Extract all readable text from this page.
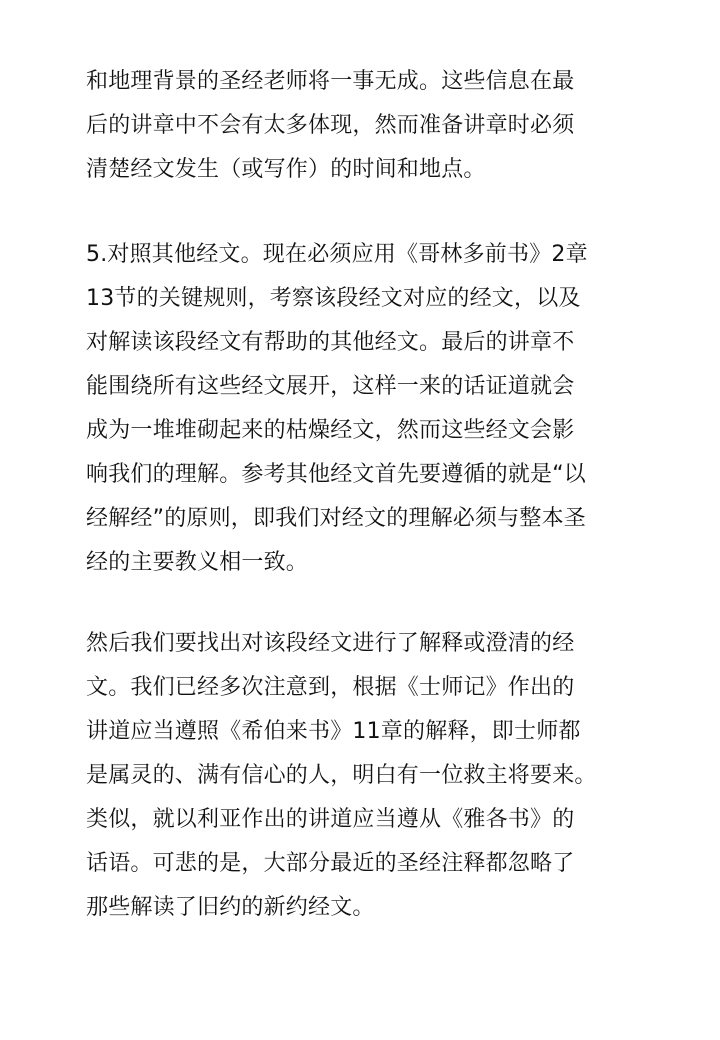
和地理背景的圣经老师将一事无成。这些信息在最
后的讲章中不会有太多体现，然而准备讲章时必须
清楚经文发生（或写作）的时间和地点。
5.对照其他经文。现在必须应用《哥林多前书》2章
13节的关键规则，考察该段经文对应的经文，以及
对解读该段经文有帮助的其他经文。最后的讲章不
能围绕所有这些经文展开，这样一来的话证道就会
成为一堆堆砌起来的枯燥经文，然而这些经文会影
响我们的理解。参考其他经文首先要遵循的就是“以
经解经”的原则，即我们对经文的理解必须与整本圣
经的主要教义相一致。
然后我们要找出对该段经文进行了解释或澄清的经
文。我们已经多次注意到，根据《士师记》作出的
讲道应当遵照《希伯来书》11章的解释，即士师都
是属灵的、满有信心的人，明白有一位救主将要来。
类似，就以利亚作出的讲道应当遵从《雅各书》的
话语。可悲的是，大部分最近的圣经注释都忽略了
那些解读了旧约的新约经文。
